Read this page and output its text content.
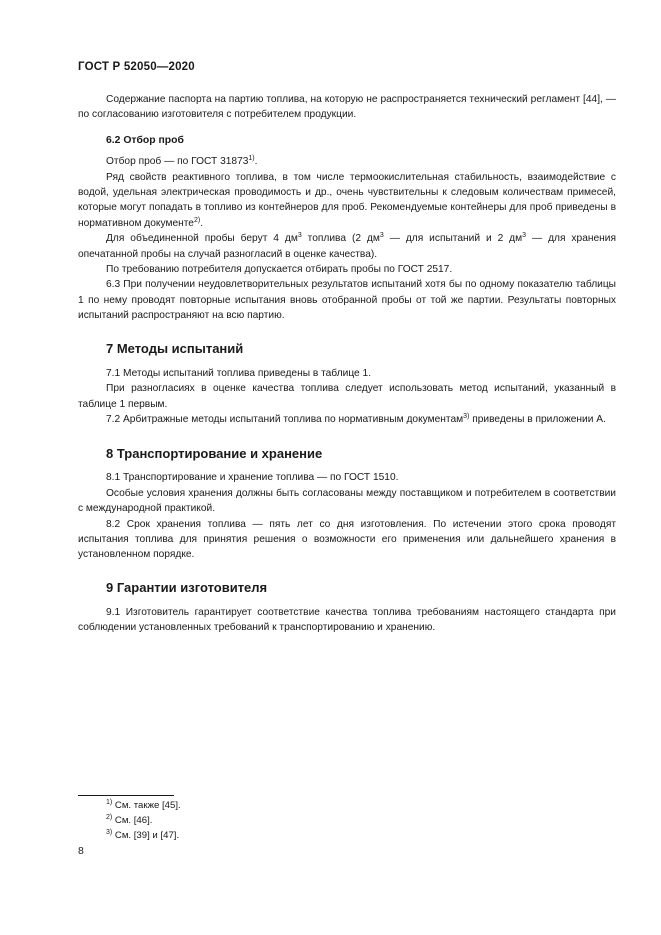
ГОСТ Р 52050—2020

Содержание паспорта на партию топлива, на которую не распространяется технический регламент [44], — по согласованию изготовителя с потребителем продукции.

6.2 Отбор проб

Отбор проб — по ГОСТ 31873$^{1)}$.

Ряд свойств реактивного топлива, в том числе термоокислительная стабильность, взаимодействие с водой, удельная электрическая проводимость и др., очень чувствительны к следовым количествам примесей, которые могут попадать в топливо из контейнеров для проб. Рекомендуемые контейнеры для проб приведены в нормативном документе$^{2)}$.

Для объединенной пробы берут 4 $дм^3$ топлива (2 $дм^3$ — для испытаний и 2 $дм^3$ — для хранения опечатанной пробы на случай разногласий в оценке качества).

По требованию потребителя допускается отбирать пробы по ГОСТ 2517.

6.3 При получении неудовлетворительных результатов испытаний хотя бы по одному показателю таблицы 1 по нему проводят повторные испытания вновь отобранной пробы от той же партии. Результаты повторных испытаний распространяют на всю партию.

7 Методы испытаний

7.1 Методы испытаний топлива приведены в таблице 1.

При разногласиях в оценке качества топлива следует использовать метод испытаний, указанный в таблице 1 первым.

7.2 Арбитражные методы испытаний топлива по нормативным документам$^{3)}$ приведены в приложении А.

8 Транспортирование и хранение

8.1 Транспортирование и хранение топлива — по ГОСТ 1510.

Особые условия хранения должны быть согласованы между поставщиком и потребителем в соответствии с международной практикой.

8.2 Срок хранения топлива — пять лет со дня изготовления. По истечении этого срока проводят испытания топлива для принятия решения о возможности его применения или дальнейшего хранения в установленном порядке.

9 Гарантии изготовителя

9.1 Изготовитель гарантирует соответствие качества топлива требованиям настоящего стандарта при соблюдении установленных требований к транспортированию и хранению.

$^{1)}$ См. также [45].
$^{2)}$ См. [46].
$^{3)}$ См. [39] и [47].
8
